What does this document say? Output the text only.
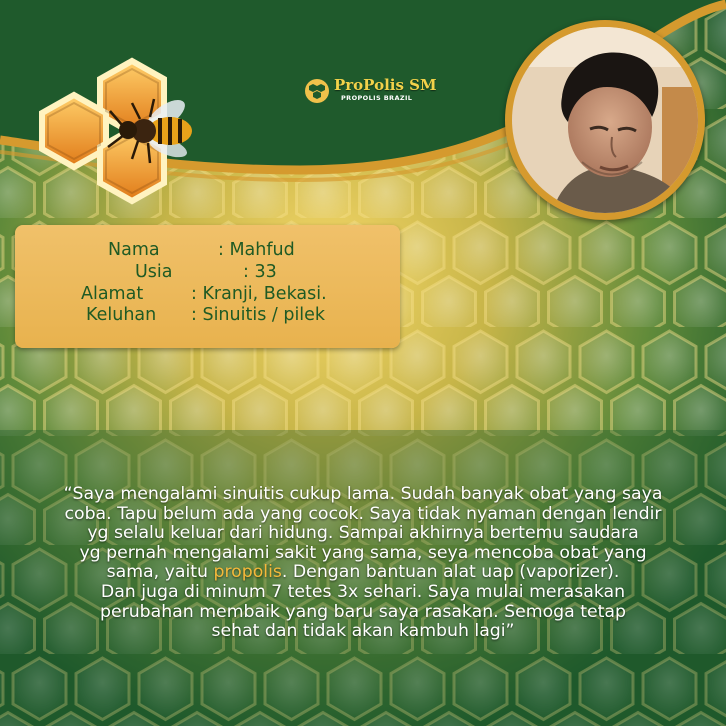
ProPolis SM
PROPOLIS BRAZIL
Nama	: Mahfud
Usia	: 33
Alamat	: Kranji, Bekasi.
Keluhan : Sinuitis / pilek
“Saya mengalami sinuitis cukup lama. Sudah banyak obat yang saya
coba. Tapu belum ada yang cocok. Saya tidak nyaman dengan lendir
yg selalu keluar dari hidung. Sampai akhirnya bertemu saudara
yg pernah mengalami sakit yang sama, seya mencoba obat yang
sama, yaitu propolis. Dengan bantuan alat uap (vaporizer).
Dan juga di minum 7 tetes 3x sehari. Saya mulai merasakan
perubahan membaik yang baru saya rasakan. Semoga tetap
sehat dan tidak akan kambuh lagi”
